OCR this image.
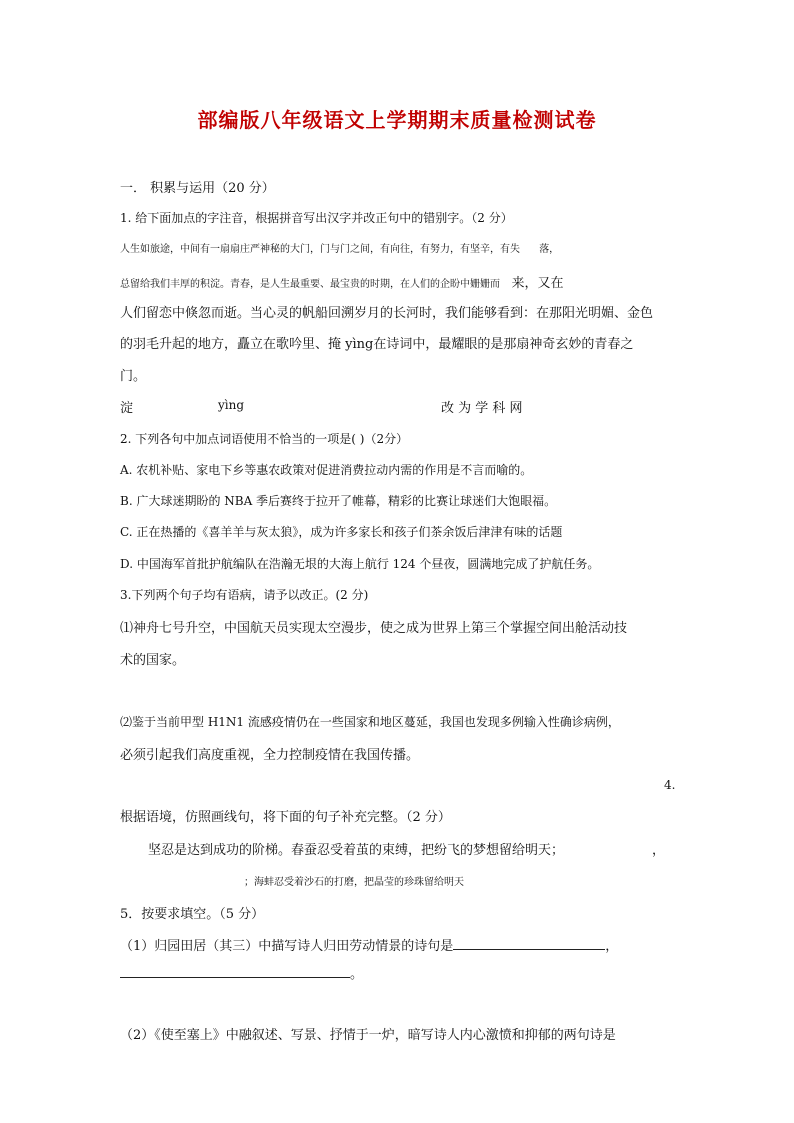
部编版八年级语文上学期期末质量检测试卷
一． 积累与运用（20 分）
1. 给下面加点的字注音，根据拼音写出汉字并改正句中的错别字。（2 分）
人生如旅途，中间有一扇扇庄严神秘的大门，门与门之间，有向往，有努力，有坚辛，有失 落，
总留给我们丰厚的积淀。青春，是人生最重要、最宝贵的时期，在人们的企盼中姗姗而 来，又在
人们留恋中倏忽而逝。当心灵的帆船回溯岁月的长河时，我们能够看到：在那阳光明媚、金色
的羽毛升起的地方，矗立在歌吟里、掩 yìng在诗词中，最耀眼的是那扇神奇玄妙的青春之
门。
淀	yìng	改 为 学 科 网
2. 下列各句中加点词语使用不恰当的一项是( )（2分）
A. 农机补贴、家电下乡等惠农政策对促进消费拉动内需的作用是不言而喻的。
B. 广大球迷期盼的 NBA 季后赛终于拉开了帷幕，精彩的比赛让球迷们大饱眼福。
C. 正在热播的《喜羊羊与灰太狼》，成为许多家长和孩子们茶余饭后津津有味的话题
D. 中国海军首批护航编队在浩瀚无垠的大海上航行 124 个昼夜，圆满地完成了护航任务。
3.下列两个句子均有语病，请予以改正。(2 分)
⑴神舟七号升空，中国航天员实现太空漫步，使之成为世界上第三个掌握空间出舱活动技
术的国家。
⑵鉴于当前甲型 H1N1 流感疫情仍在一些国家和地区蔓延，我国也发现多例输入性确诊病例，
必须引起我们高度重视，全力控制疫情在我国传播。
4.
根据语境，仿照画线句，将下面的句子补充完整。（2 分）
坚忍是达到成功的阶梯。春蚕忍受着茧的束缚，把纷飞的梦想留给明天；	，
；海蚌忍受着沙石的打磨，把晶莹的珍珠留给明天
5．按要求填空。（5 分）
（1）归园田居（其三）中描写诗人归田劳动情景的诗句是	，
。
（2）《使至塞上》中融叙述、写景、抒情于一炉，暗写诗人内心激愤和抑郁的两句诗是
